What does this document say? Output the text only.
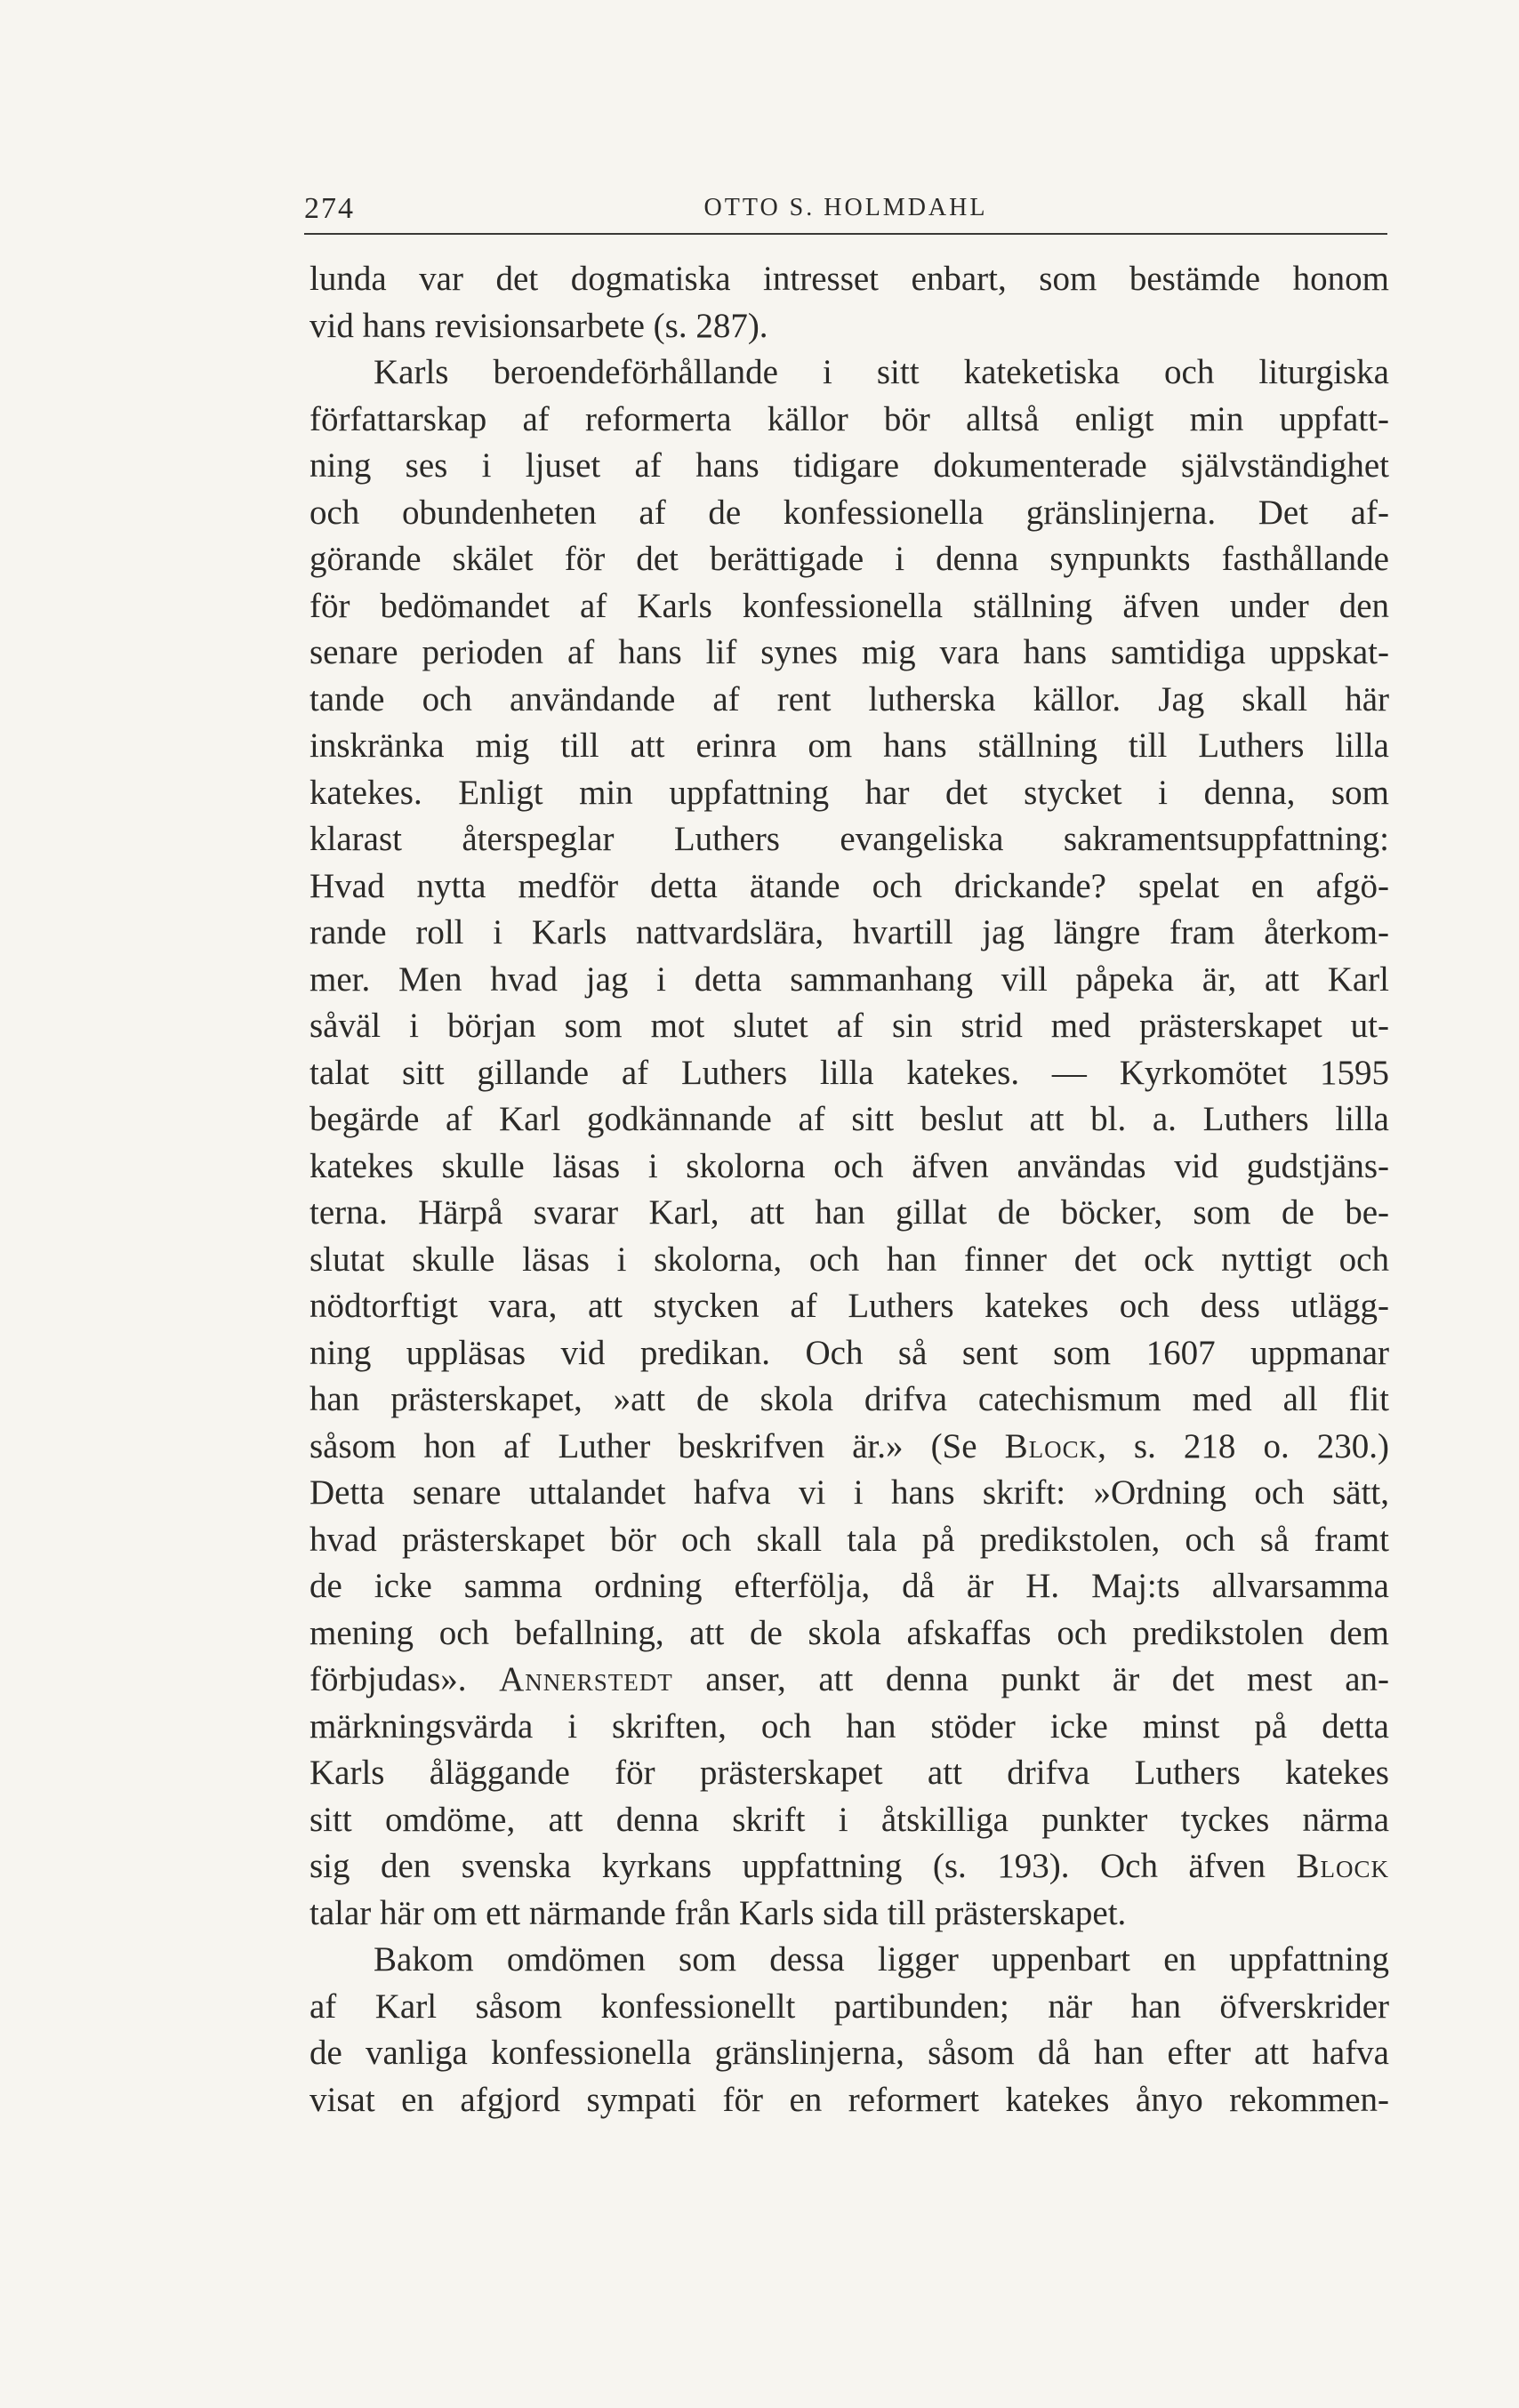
274	OTTO S. HOLMDAHL
lunda var det dogmatiska intresset enbart, som bestämde honom
vid hans revisionsarbete (s. 287).
Karls beroendeförhållande i sitt kateketiska och liturgiska
författarskap af reformerta källor bör alltså enligt min uppfatt-
ning ses i ljuset af hans tidigare dokumenterade självständighet
och obundenheten af de konfessionella gränslinjerna. Det af-
görande skälet för det berättigade i denna synpunkts fasthållande
för bedömandet af Karls konfessionella ställning äfven under den
senare perioden af hans lif synes mig vara hans samtidiga uppskat-
tande och användande af rent lutherska källor. Jag skall här
inskränka mig till att erinra om hans ställning till Luthers lilla
katekes. Enligt min uppfattning har det stycket i denna, som
klarast återspeglar Luthers evangeliska sakramentsuppfattning:
Hvad nytta medför detta ätande och drickande? spelat en afgö-
rande roll i Karls nattvardslära, hvartill jag längre fram återkom-
mer. Men hvad jag i detta sammanhang vill påpeka är, att Karl
såväl i början som mot slutet af sin strid med prästerskapet ut-
talat sitt gillande af Luthers lilla katekes. — Kyrkomötet 1595
begärde af Karl godkännande af sitt beslut att bl. a. Luthers lilla
katekes skulle läsas i skolorna och äfven användas vid gudstjäns-
terna. Härpå svarar Karl, att han gillat de böcker, som de be-
slutat skulle läsas i skolorna, och han finner det ock nyttigt och
nödtorftigt vara, att stycken af Luthers katekes och dess utlägg-
ning uppläsas vid predikan. Och så sent som 1607 uppmanar
han prästerskapet, »att de skola drifva catechismum med all flit
såsom hon af Luther beskrifven är.» (Se Block, s. 218 o. 230.)
Detta senare uttalandet hafva vi i hans skrift: »Ordning och sätt,
hvad prästerskapet bör och skall tala på predikstolen, och så framt
de icke samma ordning efterfölja, då är H. Maj:ts allvarsamma
mening och befallning, att de skola afskaffas och predikstolen dem
förbjudas». Annerstedt anser, att denna punkt är det mest an-
märkningsvärda i skriften, och han stöder icke minst på detta
Karls åläggande för prästerskapet att drifva Luthers katekes
sitt omdöme, att denna skrift i åtskilliga punkter tyckes närma
sig den svenska kyrkans uppfattning (s. 193). Och äfven Block
talar här om ett närmande från Karls sida till prästerskapet.
Bakom omdömen som dessa ligger uppenbart en uppfattning
af Karl såsom konfessionellt partibunden; när han öfverskrider
de vanliga konfessionella gränslinjerna, såsom då han efter att hafva
visat en afgjord sympati för en reformert katekes ånyo rekommen-
